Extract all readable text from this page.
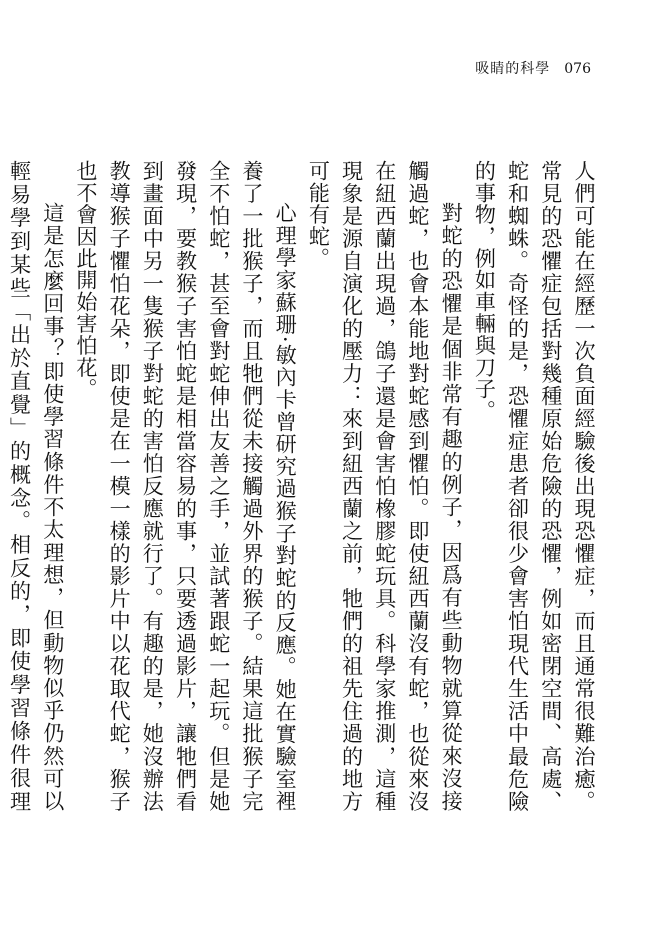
吸睛的科學 076

人們可能在經歷一次負面經驗後出現恐懼症，而且通常很難治癒。常見的恐懼症包括對幾種原始危險的恐懼，例如密閉空間、高處、蛇和蜘蛛。奇怪的是，恐懼症患者卻很少會害怕現代生活中最危險的事物，例如車輛與刀子。

對蛇的恐懼是個非常有趣的例子，因爲有些動物就算從來沒接觸過蛇，也會本能地對蛇感到懼怕。即使紐西蘭沒有蛇，也從來沒在紐西蘭出現過，鴿子還是會害怕橡膠蛇玩具。科學家推測，這種現象是源自演化的壓力：來到紐西蘭之前，牠們的祖先住過的地方可能有蛇。

心理學家蘇珊·敏內卡曾研究過猴子對蛇的反應。她在實驗室裡養了一批猴子，而且牠們從未接觸過外界的猴子。結果這批猴子完全不怕蛇，甚至會對蛇伸出友善之手，並試著跟蛇一起玩。但是她發現，要教猴子害怕蛇是相當容易的事，只要透過影片，讓牠們看到畫面中另一隻猴子對蛇的害怕反應就行了。有趣的是，她沒辦法教導猴子懼怕花朵，即使是在一模一樣的影片中以花取代蛇，猴子也不會因此開始害怕花。

這是怎麼回事？即使學習條件不太理想，但動物似乎仍然可以輕易學到某些「出於直覺」的概念。相反的，即使學習條件很理
